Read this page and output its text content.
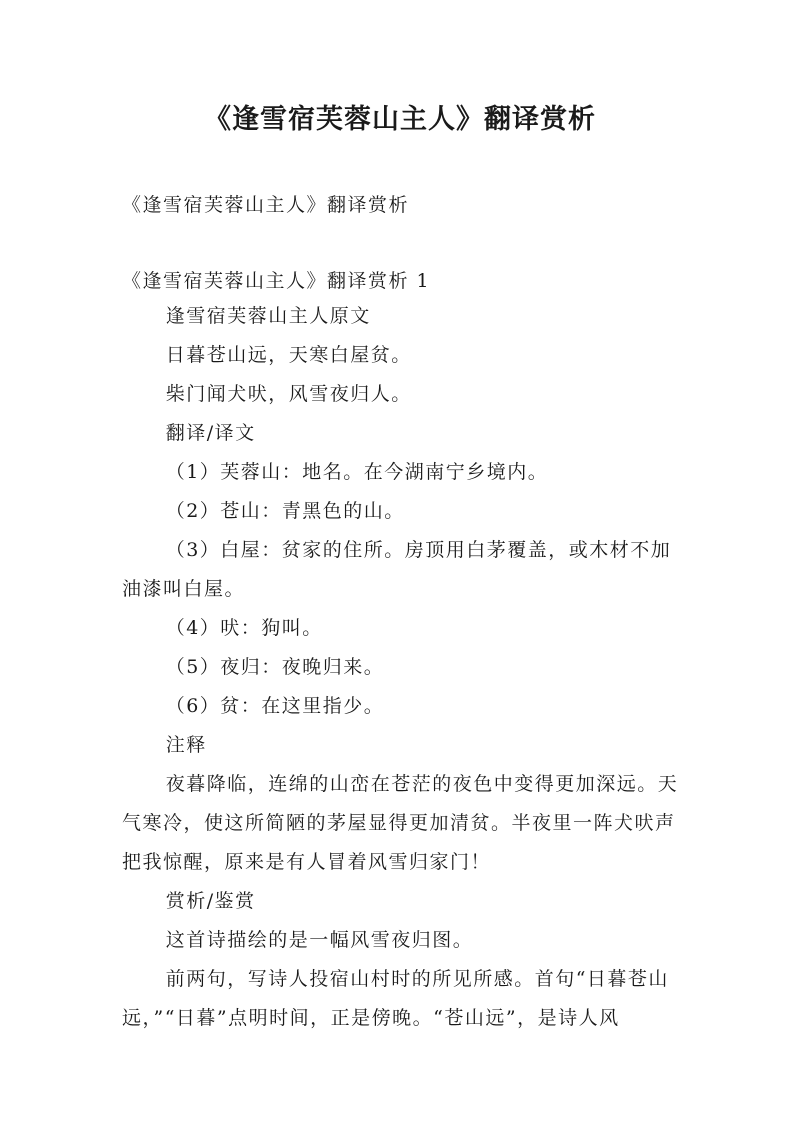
《逢雪宿芙蓉山主人》翻译赏析
《逢雪宿芙蓉山主人》翻译赏析
《逢雪宿芙蓉山主人》翻译赏析 1

逢雪宿芙蓉山主人原文

日暮苍山远，天寒白屋贫。

柴门闻犬吠，风雪夜归人。

翻译/译文

（1）芙蓉山：地名。在今湖南宁乡境内。

（2）苍山：青黑色的山。

（3）白屋：贫家的住所。房顶用白茅覆盖，或木材不加油漆叫白屋。

（4）吠：狗叫。

（5）夜归：夜晚归来。

（6）贫：在这里指少。

注释

夜暮降临，连绵的山峦在苍茫的夜色中变得更加深远。天气寒冷，使这所简陋的茅屋显得更加清贫。半夜里一阵犬吠声把我惊醒，原来是有人冒着风雪归家门！

赏析/鉴赏

这首诗描绘的是一幅风雪夜归图。

前两句，写诗人投宿山村时的所见所感。首句“日暮苍山远，”“日暮”点明时间，正是傍晚。“苍山远”，是诗人风
